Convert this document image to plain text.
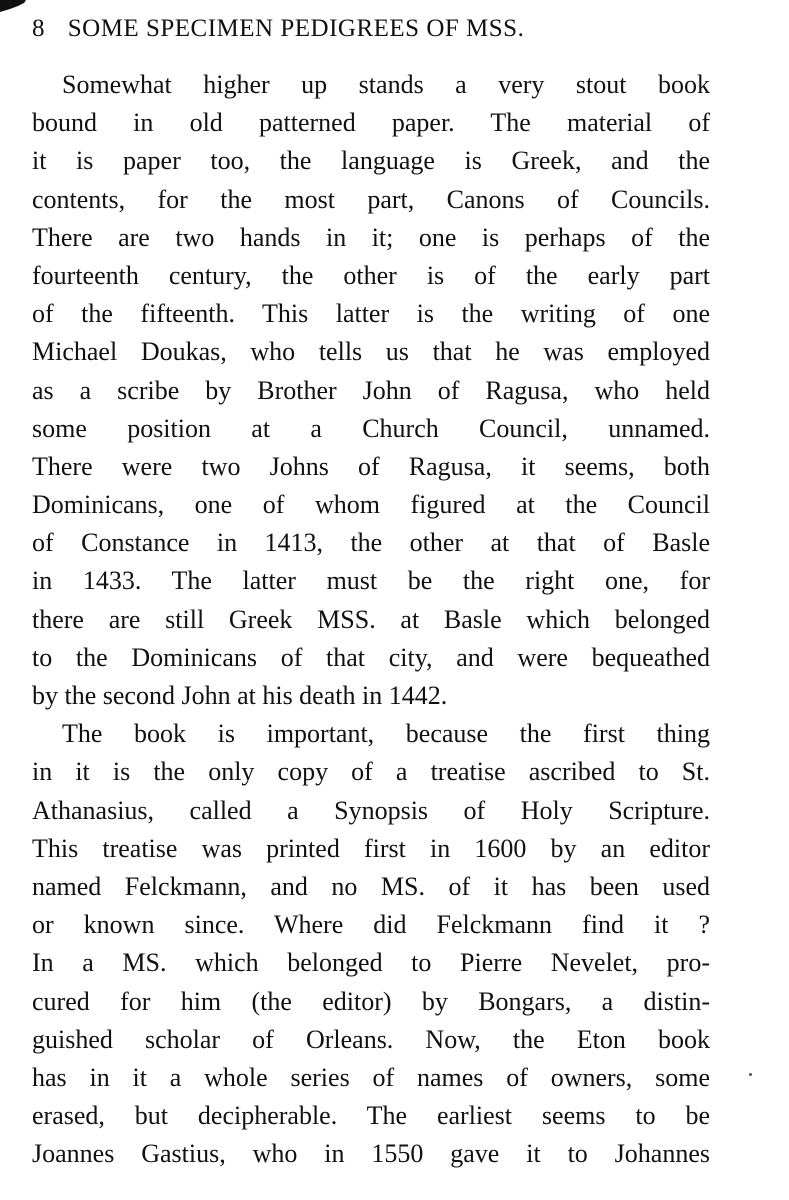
8 SOME SPECIMEN PEDIGREES OF MSS.
Somewhat higher up stands a very stout book
bound in old patterned paper. The material of
it is paper too, the language is Greek, and the
contents, for the most part, Canons of Councils.
There are two hands in it; one is perhaps of the
fourteenth century, the other is of the early part
of the fifteenth. This latter is the writing of one
Michael Doukas, who tells us that he was employed
as a scribe by Brother John of Ragusa, who held
some position at a Church Council, unnamed.
There were two Johns of Ragusa, it seems, both
Dominicans, one of whom figured at the Council
of Constance in 1413, the other at that of Basle
in 1433. The latter must be the right one, for
there are still Greek MSS. at Basle which belonged
to the Dominicans of that city, and were bequeathed
by the second John at his death in 1442.
The book is important, because the first thing
in it is the only copy of a treatise ascribed to St.
Athanasius, called a Synopsis of Holy Scripture.
This treatise was printed first in 1600 by an editor
named Felckmann, and no MS. of it has been used
or known since. Where did Felckmann find it ?
In a MS. which belonged to Pierre Nevelet, pro-
cured for him (the editor) by Bongars, a distin-
guished scholar of Orleans. Now, the Eton book
has in it a whole series of names of owners, some
erased, but decipherable. The earliest seems to be
Joannes Gastius, who in 1550 gave it to Johannes
